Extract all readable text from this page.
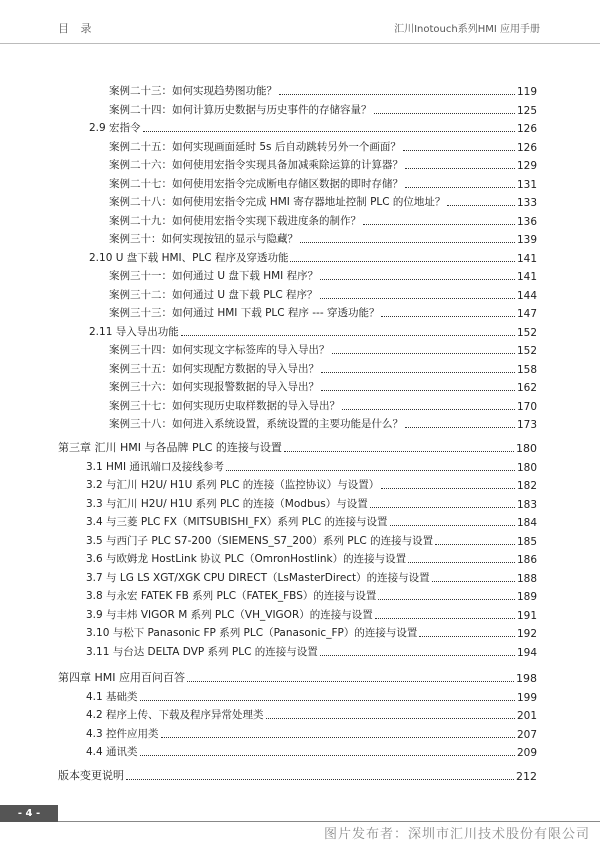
目 录	汇川Inotouch系列HMI 应用手册
案例二十三：如何实现趋势图功能？	119
案例二十四：如何计算历史数据与历史事件的存储容量？	125
2.9 宏指令	126
案例二十五：如何实现画面延时 5s 后自动跳转另外一个画面？	126
案例二十六：如何使用宏指令实现具备加减乘除运算的计算器？	129
案例二十七：如何使用宏指令完成断电存储区数据的即时存储？	131
案例二十八：如何使用宏指令完成 HMI 寄存器地址控制 PLC 的位地址？	133
案例二十九：如何使用宏指令实现下载进度条的制作？	136
案例三十：如何实现按钮的显示与隐藏？	139
2.10 U 盘下载 HMI、PLC 程序及穿透功能	141
案例三十一：如何通过 U 盘下载 HMI 程序？	141
案例三十二：如何通过 U 盘下载 PLC 程序？	144
案例三十三：如何通过 HMI 下载 PLC 程序 --- 穿透功能？	147
2.11 导入导出功能	152
案例三十四：如何实现文字标签库的导入导出？	152
案例三十五：如何实现配方数据的导入导出？	158
案例三十六：如何实现报警数据的导入导出？	162
案例三十七：如何实现历史取样数据的导入导出？	170
案例三十八：如何进入系统设置，系统设置的主要功能是什么？	173
第三章 汇川 HMI 与各品牌 PLC 的连接与设置	180
3.1 HMI 通讯端口及接线参考	180
3.2 与汇川 H2U/ H1U 系列 PLC 的连接（监控协议）与设置）	182
3.3 与汇川 H2U/ H1U 系列 PLC 的连接（Modbus）与设置	183
3.4 与三菱 PLC FX（MITSUBISHI_FX）系列 PLC 的连接与设置	184
3.5 与西门子 PLC S7-200（SIEMENS_S7_200）系列 PLC 的连接与设置	185
3.6 与欧姆龙 HostLink 协议 PLC（OmronHostlink）的连接与设置	186
3.7 与 LG LS XGT/XGK CPU DIRECT（LsMasterDirect）的连接与设置	188
3.8 与永宏 FATEK FB 系列 PLC（FATEK_FBS）的连接与设置	189
3.9 与丰炜 VIGOR M 系列 PLC（VH_VIGOR）的连接与设置	191
3.10 与松下 Panasonic FP 系列 PLC（Panasonic_FP）的连接与设置	192
3.11 与台达 DELTA DVP 系列 PLC 的连接与设置	194
第四章 HMI 应用百问百答	198
4.1 基础类	199
4.2 程序上传、下载及程序异常处理类	201
4.3 控件应用类	207
4.4 通讯类	209
版本变更说明	212
- 4 -
图片发布者：深圳市汇川技术股份有限公司
